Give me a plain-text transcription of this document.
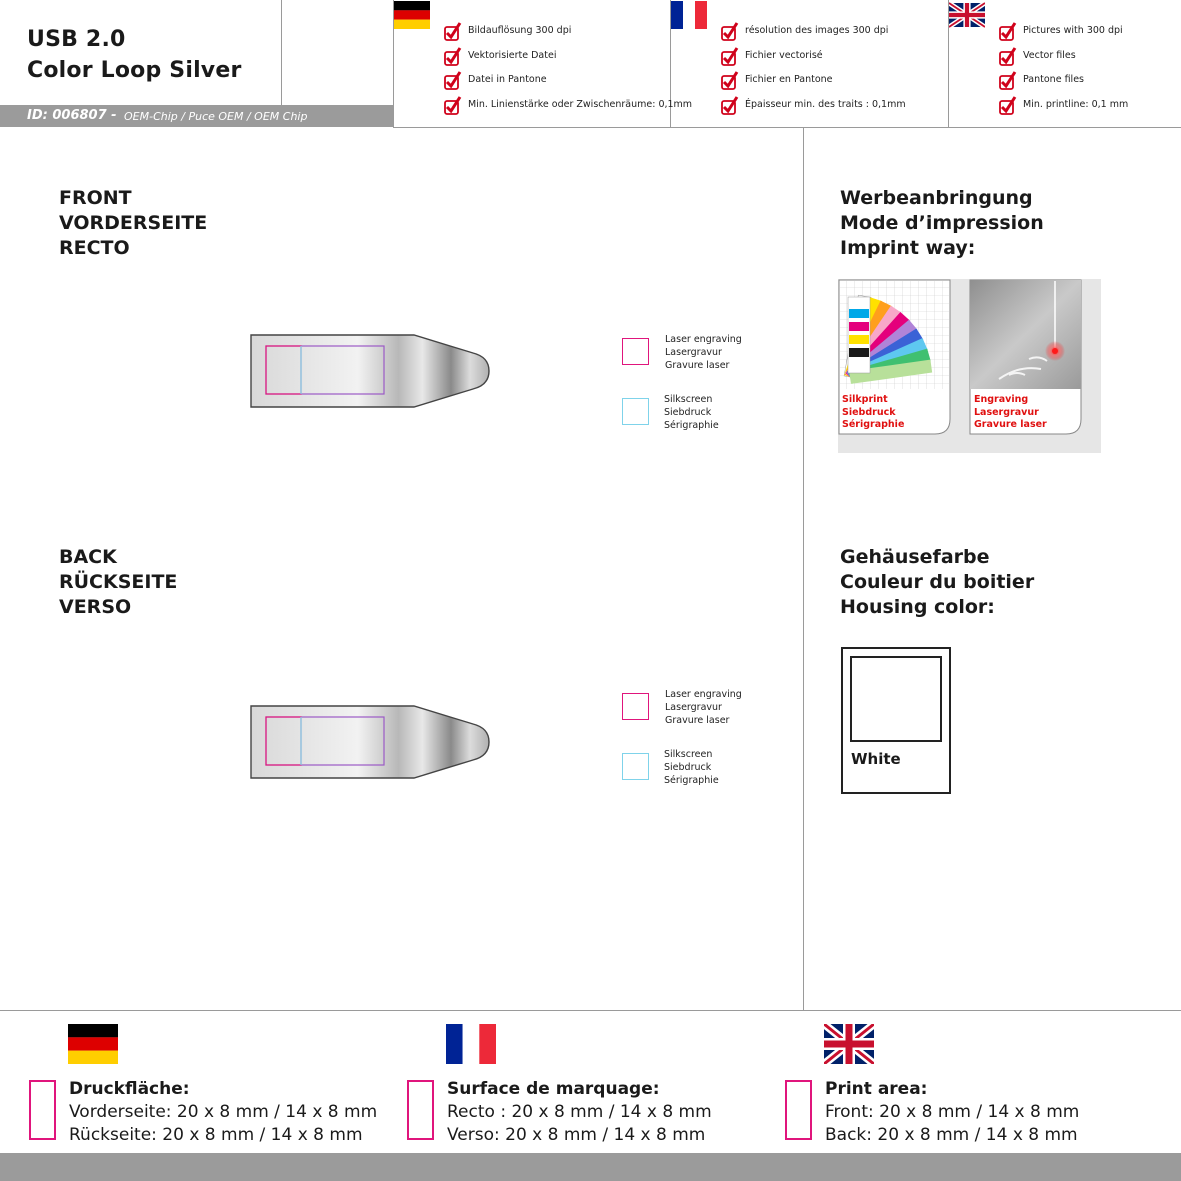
USB 2.0
Color Loop Silver
ID: 006807 - OEM-Chip / Puce OEM / OEM Chip
Bildauflösung 300 dpi
Vektorisierte Datei
Datei in Pantone
Min. Linienstärke oder Zwischenräume: 0,1mm
résolution des images 300 dpi
Fichier vectorisé
Fichier en Pantone
Épaisseur min. des traits : 0,1mm
Pictures with 300 dpi
Vector files
Pantone files
Min. printline: 0,1 mm
FRONT
VORDERSEITE
RECTO
Laser engraving
Lasergravur
Gravure laser
Silkscreen
Siebdruck
Sérigraphie
BACK
RÜCKSEITE
VERSO
Laser engraving
Lasergravur
Gravure laser
Silkscreen
Siebdruck
Sérigraphie
Werbeanbringung
Mode d’impression
Imprint way:
Silkprint
Siebdruck
Sérigraphie
Engraving
Lasergravur
Gravure laser
Gehäusefarbe
Couleur du boitier
Housing color:
White
Druckfläche:
Vorderseite: 20 x 8 mm / 14 x 8 mm
Rückseite: 20 x 8 mm / 14 x 8 mm
Surface de marquage:
Recto : 20 x 8 mm / 14 x 8 mm
Verso: 20 x 8 mm / 14 x 8 mm
Print area:
Front: 20 x 8 mm / 14 x 8 mm
Back: 20 x 8 mm / 14 x 8 mm
